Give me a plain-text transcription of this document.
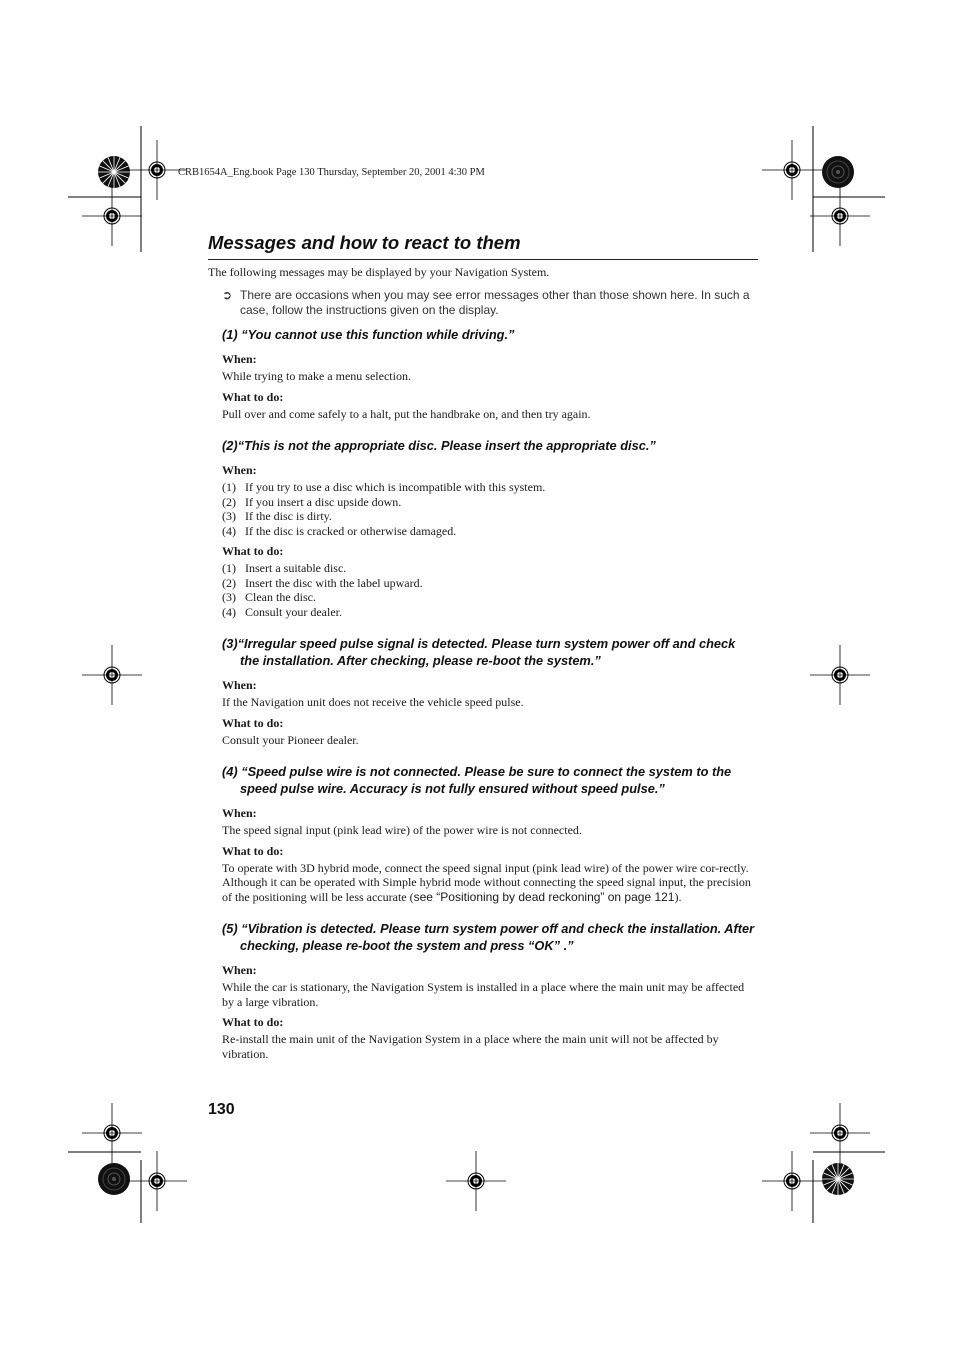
CRB1654A_Eng.book Page 130 Thursday, September 20, 2001 4:30 PM
Messages and how to react to them

The following messages may be displayed by your Navigation System.

➲ There are occasions when you may see error messages other than those shown here. In such a case, follow the instructions given on the display.
(1) “You cannot use this function while driving.”

When:

While trying to make a menu selection.

What to do:

Pull over and come safely to a halt, put the handbrake on, and then try again.

(2)“This is not the appropriate disc. Please insert the appropriate disc.”

When:

(1) If you try to use a disc which is incompatible with this system.
(2) If you insert a disc upside down.
(3) If the disc is dirty.
(4) If the disc is cracked or otherwise damaged.

What to do:

(1) Insert a suitable disc.
(2) Insert the disc with the label upward.
(3) Clean the disc.
(4) Consult your dealer.
(3)“Irregular speed pulse signal is detected. Please turn system power off and check the installation. After checking, please re-boot the system.”

When:

If the Navigation unit does not receive the vehicle speed pulse.

What to do:

Consult your Pioneer dealer.

(4) “Speed pulse wire is not connected. Please be sure to connect the system to the speed pulse wire. Accuracy is not fully ensured without speed pulse.”

When:

The speed signal input (pink lead wire) of the power wire is not connected.

What to do:

To operate with 3D hybrid mode, connect the speed signal input (pink lead wire) of the power wire cor-rectly. Although it can be operated with Simple hybrid mode without connecting the speed signal input, the precision of the positioning will be less accurate (see “Positioning by dead reckoning” on page 121).

(5) “Vibration is detected. Please turn system power off and check the installation. After checking, please re-boot the system and press “OK” .”

When:

While the car is stationary, the Navigation System is installed in a place where the main unit may be affected by a large vibration.

What to do:

Re-install the main unit of the Navigation System in a place where the main unit will not be affected by vibration.

130
